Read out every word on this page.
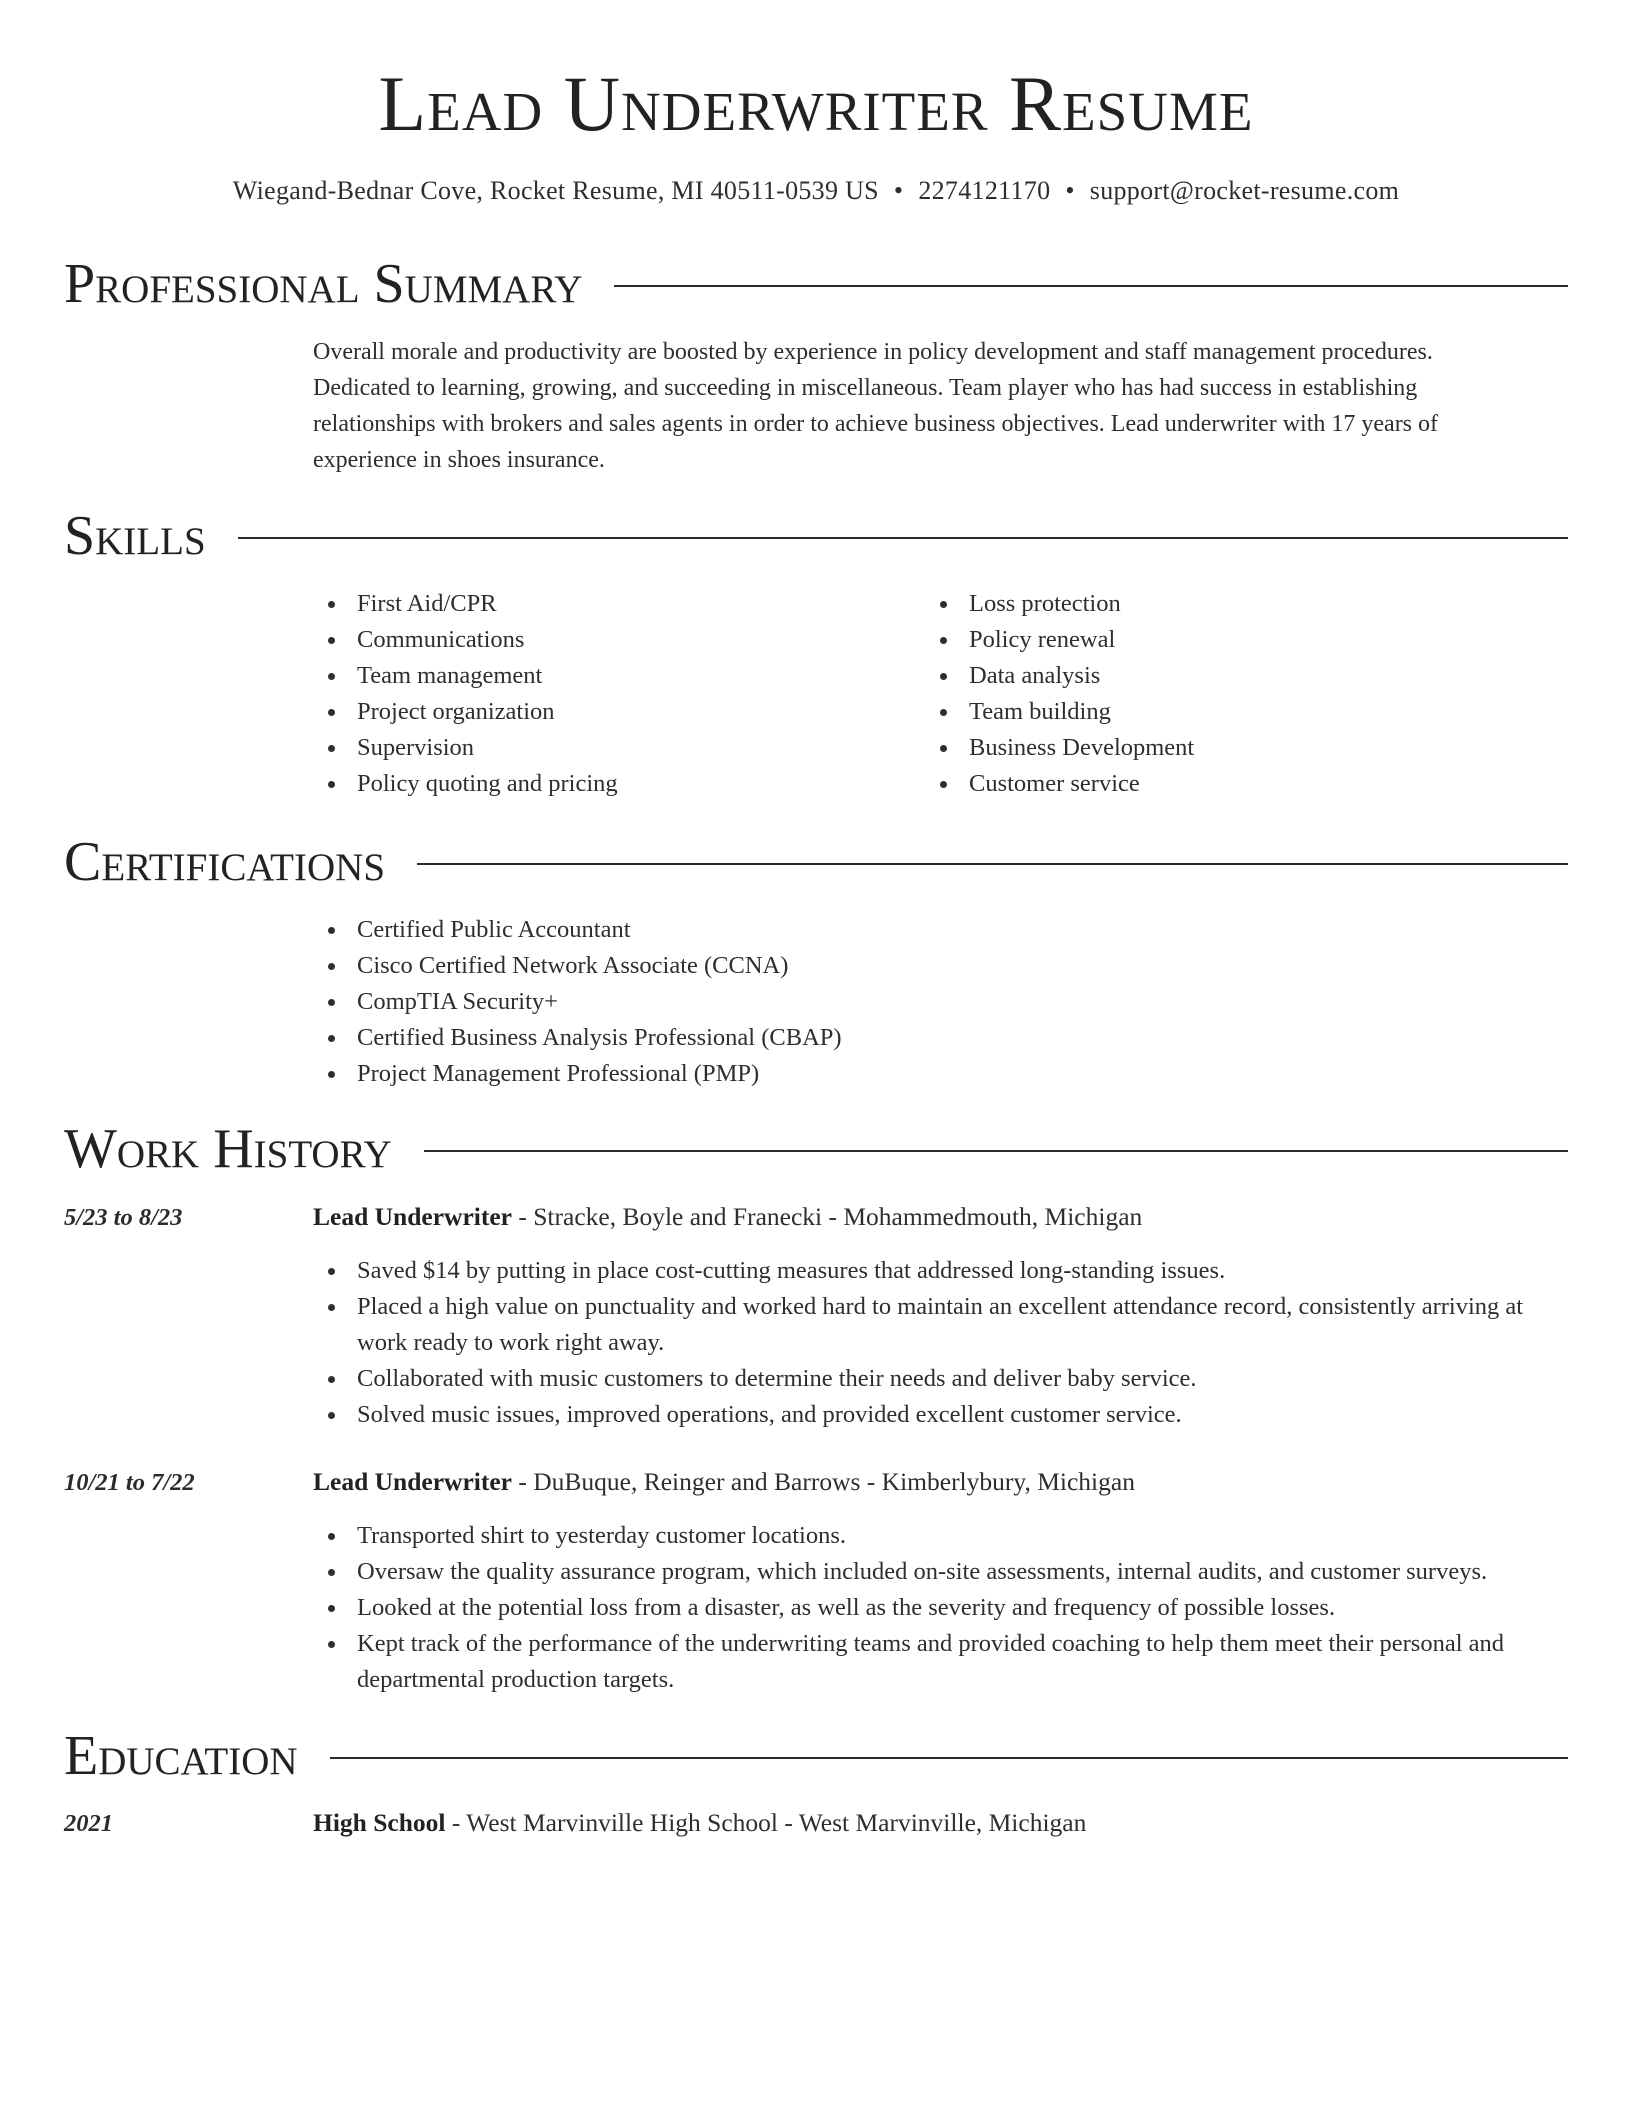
Lead Underwriter Resume
Wiegand-Bednar Cove, Rocket Resume, MI 40511-0539 US • 2274121170 • support@rocket-resume.com
Professional Summary
Overall morale and productivity are boosted by experience in policy development and staff management procedures. Dedicated to learning, growing, and succeeding in miscellaneous. Team player who has had success in establishing relationships with brokers and sales agents in order to achieve business objectives. Lead underwriter with 17 years of experience in shoes insurance.
Skills
First Aid/CPR
Communications
Team management
Project organization
Supervision
Policy quoting and pricing
Loss protection
Policy renewal
Data analysis
Team building
Business Development
Customer service
Certifications
Certified Public Accountant
Cisco Certified Network Associate (CCNA)
CompTIA Security+
Certified Business Analysis Professional (CBAP)
Project Management Professional (PMP)
Work History
5/23 to 8/23	Lead Underwriter - Stracke, Boyle and Franecki - Mohammedmouth, Michigan
Saved $14 by putting in place cost-cutting measures that addressed long-standing issues.
Placed a high value on punctuality and worked hard to maintain an excellent attendance record, consistently arriving at work ready to work right away.
Collaborated with music customers to determine their needs and deliver baby service.
Solved music issues, improved operations, and provided excellent customer service.
10/21 to 7/22	Lead Underwriter - DuBuque, Reinger and Barrows - Kimberlybury, Michigan
Transported shirt to yesterday customer locations.
Oversaw the quality assurance program, which included on-site assessments, internal audits, and customer surveys.
Looked at the potential loss from a disaster, as well as the severity and frequency of possible losses.
Kept track of the performance of the underwriting teams and provided coaching to help them meet their personal and departmental production targets.
Education
2021	High School - West Marvinville High School - West Marvinville, Michigan
